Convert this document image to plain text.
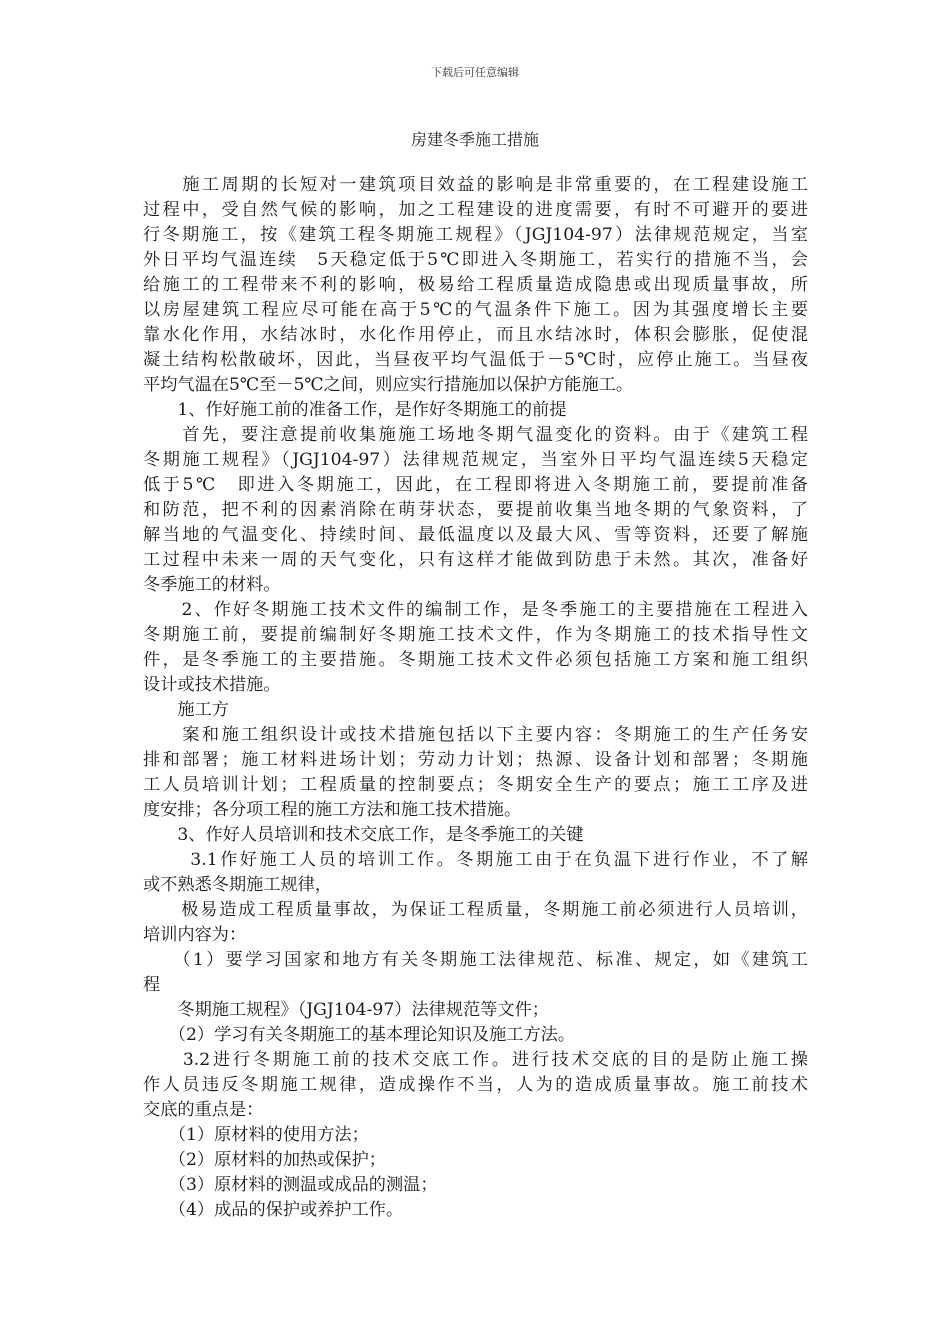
下载后可任意编辑
房建冬季施工措施
　　施工周期的长短对一建筑项目效益的影响是非常重要的，在工程建设施工
过程中，受自然气候的影响，加之工程建设的进度需要，有时不可避开的要进
行冬期施工，按《建筑工程冬期施工规程》（JGJ104-97）法律规范规定，当室
外日平均气温连续　5天稳定低于5℃即进入冬期施工，若实行的措施不当，会
给施工的工程带来不利的影响，极易给工程质量造成隐患或出现质量事故，所
以房屋建筑工程应尽可能在高于5℃的气温条件下施工。因为其强度增长主要
靠水化作用，水结冰时，水化作用停止，而且水结冰时，体积会膨胀，促使混
凝土结构松散破坏，因此，当昼夜平均气温低于－5℃时，应停止施工。当昼夜
平均气温在5℃至－5℃之间，则应实行措施加以保护方能施工。
　　1、作好施工前的准备工作，是作好冬期施工的前提
　　首先，要注意提前收集施施工场地冬期气温变化的资料。由于《建筑工程
冬期施工规程》（JGJ104-97）法律规范规定，当室外日平均气温连续5天稳定
低于5℃　即进入冬期施工，因此，在工程即将进入冬期施工前，要提前准备
和防范，把不利的因素消除在萌芽状态，要提前收集当地冬期的气象资料，了
解当地的气温变化、持续时间、最低温度以及最大风、雪等资料，还要了解施
工过程中未来一周的天气变化，只有这样才能做到防患于未然。其次，准备好
冬季施工的材料。
　　2、作好冬期施工技术文件的编制工作，是冬季施工的主要措施在工程进入
冬期施工前，要提前编制好冬期施工技术文件，作为冬期施工的技术指导性文
件，是冬季施工的主要措施。冬期施工技术文件必须包括施工方案和施工组织
设计或技术措施。
　　施工方
　　案和施工组织设计或技术措施包括以下主要内容：冬期施工的生产任务安
排和部署；施工材料进场计划；劳动力计划；热源、设备计划和部署；冬期施
工人员培训计划；工程质量的控制要点；冬期安全生产的要点；施工工序及进
度安排；各分项工程的施工方法和施工技术措施。
　　3、作好人员培训和技术交底工作，是冬季施工的关键
　　 3.1作好施工人员的培训工作。冬期施工由于在负温下进行作业，不了解
或不熟悉冬期施工规律，
　　极易造成工程质量事故，为保证工程质量，冬期施工前必须进行人员培训，
培训内容为：
　　（1）要学习国家和地方有关冬期施工法律规范、标准、规定，如《建筑工
程
　　冬期施工规程》（JGJ104-97）法律规范等文件；
　　（2）学习有关冬期施工的基本理论知识及施工方法。
　　3.2进行冬期施工前的技术交底工作。进行技术交底的目的是防止施工操
作人员违反冬期施工规律，造成操作不当，人为的造成质量事故。施工前技术
交底的重点是：
　　（1）原材料的使用方法；
　　（2）原材料的加热或保护；
　　（3）原材料的测温或成品的测温；
　　（4）成品的保护或养护工作。
